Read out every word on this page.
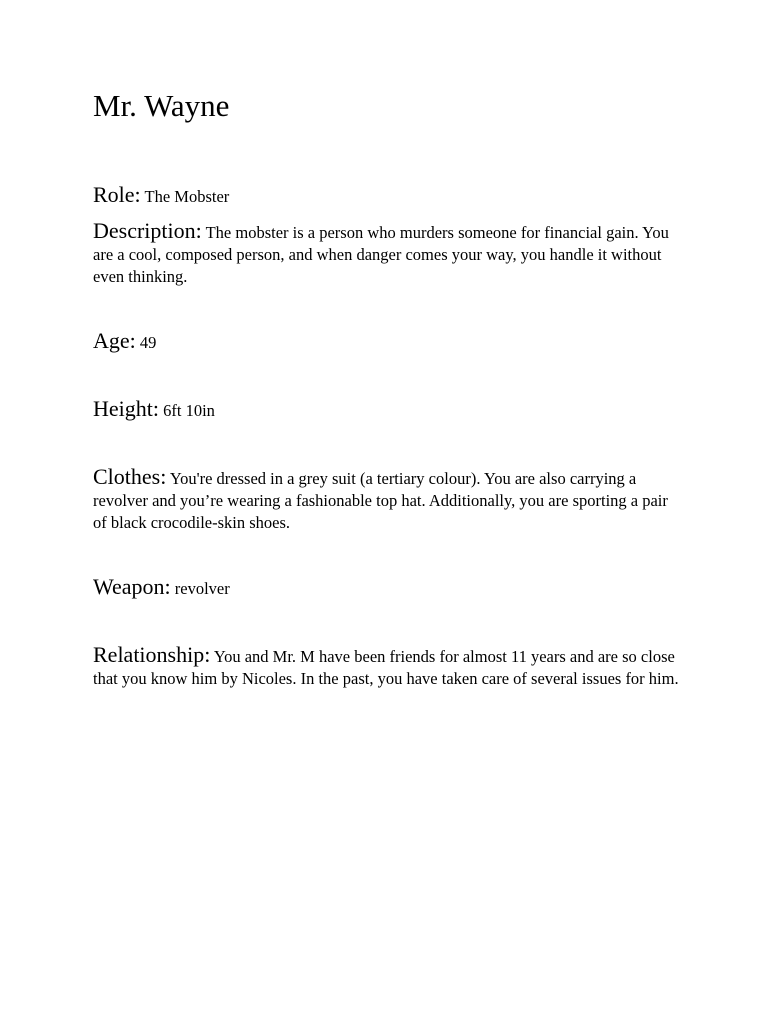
Mr. Wayne

Role: The Mobster

Description: The mobster is a person who murders someone for financial gain. You are a cool, composed person, and when danger comes your way, you handle it without even thinking.

Age: 49

Height: 6ft 10in

Clothes: You're dressed in a grey suit (a tertiary colour). You are also carrying a revolver and you’re wearing a fashionable top hat. Additionally, you are sporting a pair of black crocodile-skin shoes.

Weapon: revolver

Relationship: You and Mr. M have been friends for almost 11 years and are so close that you know him by Nicoles. In the past, you have taken care of several issues for him.
